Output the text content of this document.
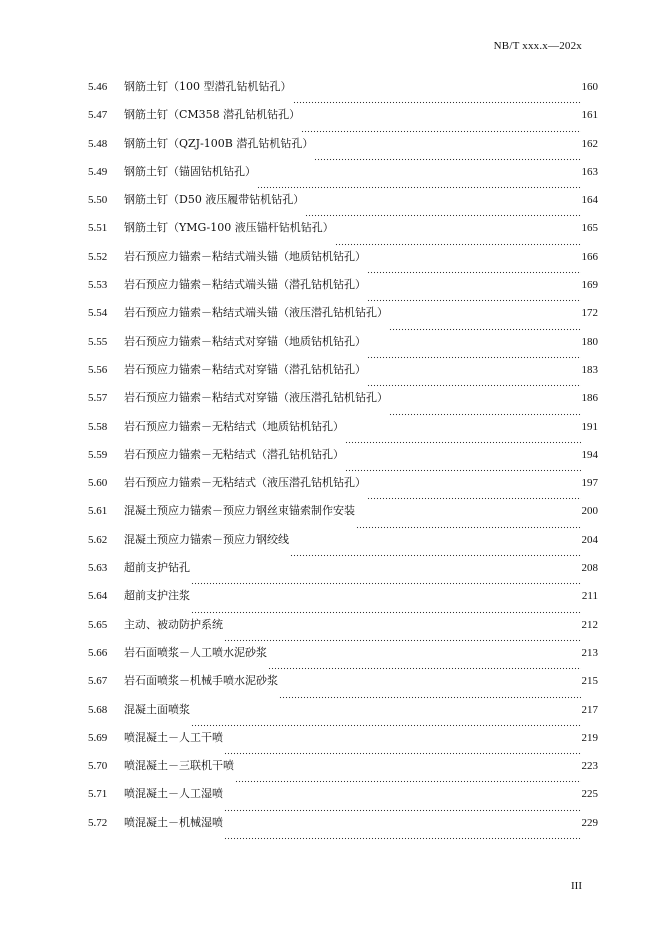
NB/T xxx.x—202x
5.46	钢筋土钉（100 型潜孔钻机钻孔）	160
5.47	钢筋土钉（CM358 潜孔钻机钻孔）	161
5.48	钢筋土钉（QZJ-100B 潜孔钻机钻孔）	162
5.49	钢筋土钉（锚固钻机钻孔）	163
5.50	钢筋土钉（D50 液压履带钻机钻孔）	164
5.51	钢筋土钉（YMG-100 液压锚杆钻机钻孔）	165
5.52	岩石预应力锚索－粘结式端头锚（地质钻机钻孔）	166
5.53	岩石预应力锚索－粘结式端头锚（潜孔钻机钻孔）	169
5.54	岩石预应力锚索－粘结式端头锚（液压潜孔钻机钻孔）	172
5.55	岩石预应力锚索－粘结式对穿锚（地质钻机钻孔）	180
5.56	岩石预应力锚索－粘结式对穿锚（潜孔钻机钻孔）	183
5.57	岩石预应力锚索－粘结式对穿锚（液压潜孔钻机钻孔）	186
5.58	岩石预应力锚索－无粘结式（地质钻机钻孔）	191
5.59	岩石预应力锚索－无粘结式（潜孔钻机钻孔）	194
5.60	岩石预应力锚索－无粘结式（液压潜孔钻机钻孔）	197
5.61	混凝土预应力锚索－预应力钢丝束锚索制作安装	200
5.62	混凝土预应力锚索－预应力钢绞线	204
5.63	超前支护钻孔	208
5.64	超前支护注浆	211
5.65	主动、被动防护系统	212
5.66	岩石面喷浆－人工喷水泥砂浆	213
5.67	岩石面喷浆－机械手喷水泥砂浆	215
5.68	混凝土面喷浆	217
5.69	喷混凝土－人工干喷	219
5.70	喷混凝土－三联机干喷	223
5.71	喷混凝土－人工湿喷	225
5.72	喷混凝土－机械湿喷	229
III
